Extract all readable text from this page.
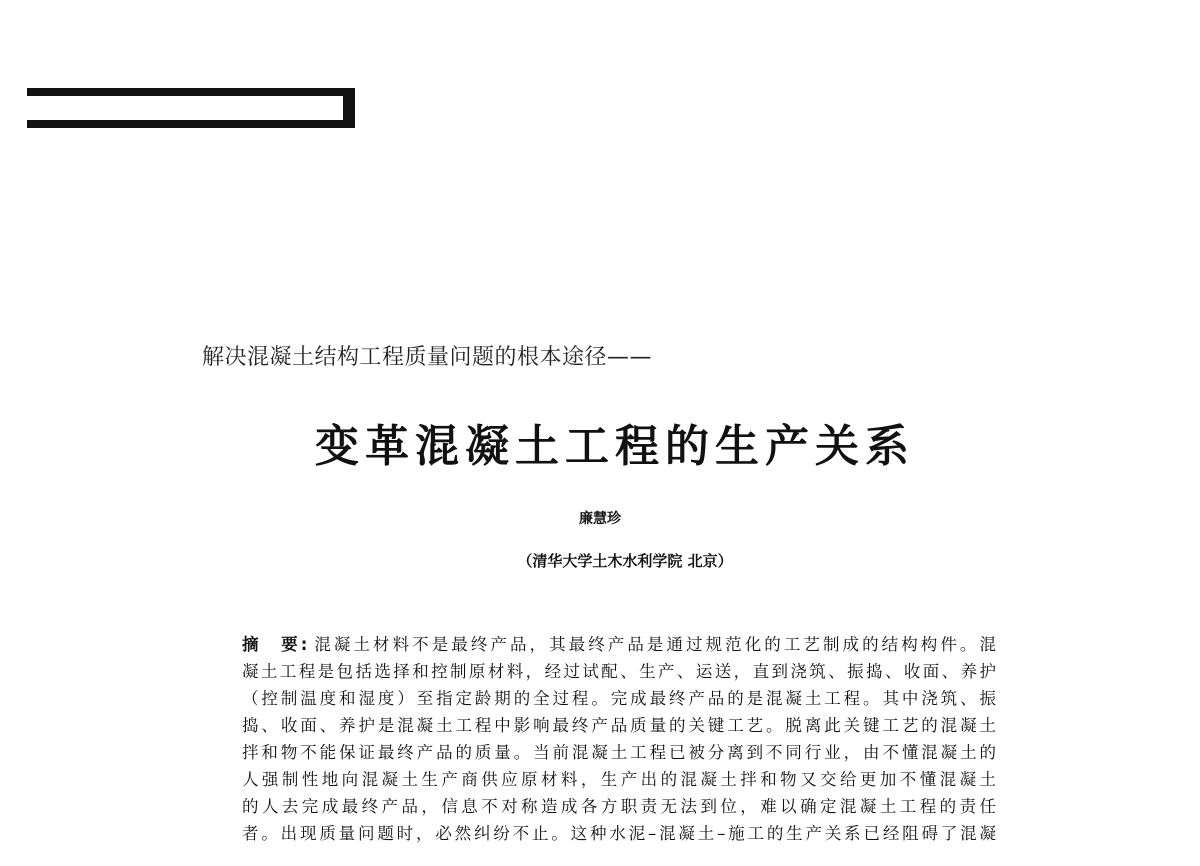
解决混凝土结构工程质量问题的根本途径——
变革混凝土工程的生产关系
廉慧珍
（清华大学土木水利学院 北京）
摘　要: 混凝土材料不是最终产品，其最终产品是通过规范化的工艺制成的结构构件。混
凝土工程是包括选择和控制原材料，经过试配、生产、运送，直到浇筑、振捣、收面、养护
（控制温度和湿度）至指定龄期的全过程。完成最终产品的是混凝土工程。其中浇筑、振
捣、收面、养护是混凝土工程中影响最终产品质量的关键工艺。脱离此关键工艺的混凝土
拌和物不能保证最终产品的质量。当前混凝土工程已被分离到不同行业，由不懂混凝土的
人强制性地向混凝土生产商供应原材料，生产出的混凝土拌和物又交给更加不懂混凝土
的人去完成最终产品，信息不对称造成各方职责无法到位，难以确定混凝土工程的责任
者。出现质量问题时，必然纠纷不止。这种水泥–混凝土–施工的生产关系已经阻碍了混凝
